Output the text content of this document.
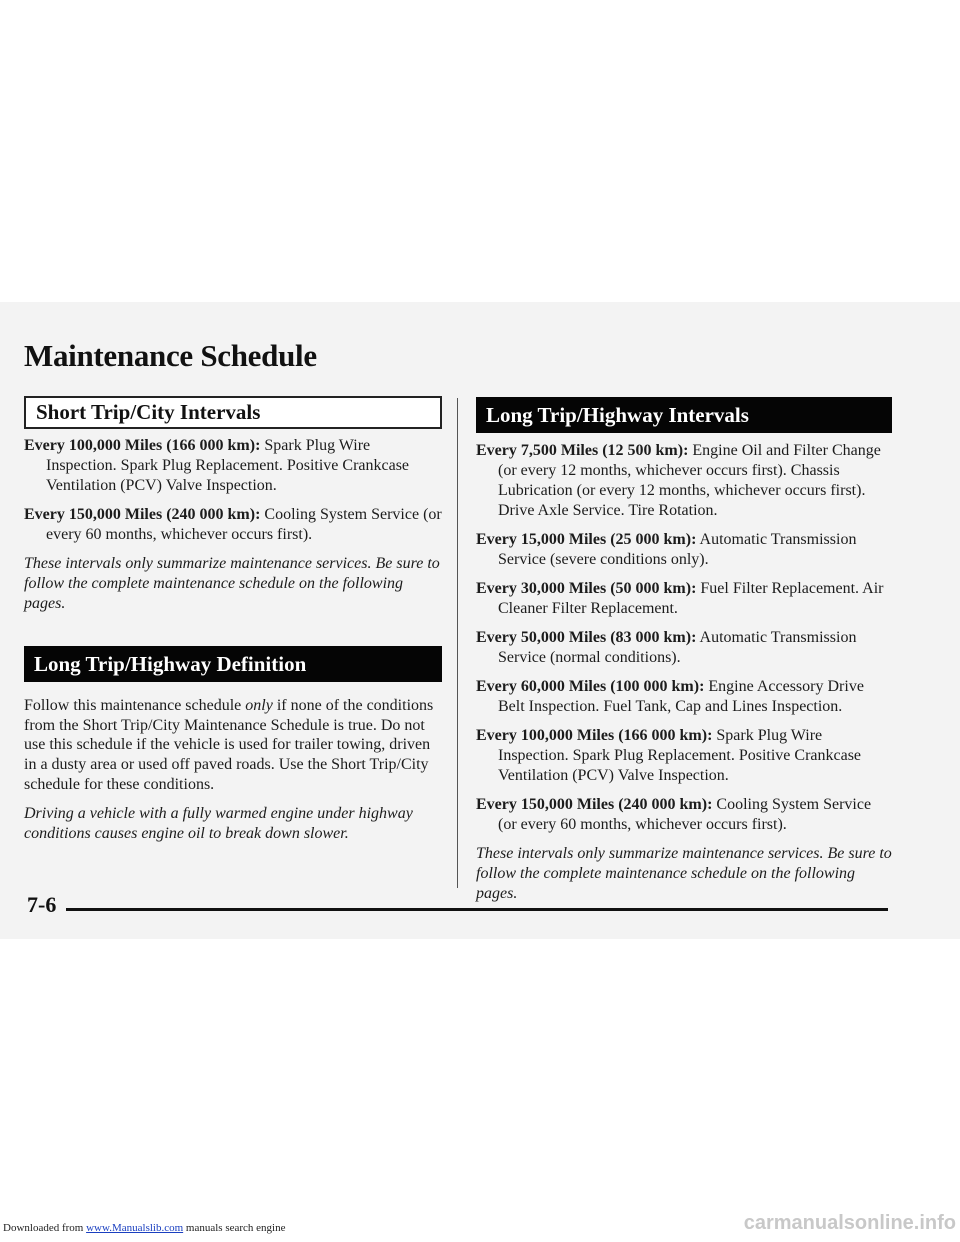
Maintenance Schedule
Short Trip/City Intervals

Every 100,000 Miles (166 000 km): Spark Plug Wire Inspection. Spark Plug Replacement. Positive Crankcase Ventilation (PCV) Valve Inspection.

Every 150,000 Miles (240 000 km): Cooling System Service (or every 60 months, whichever occurs first).

These intervals only summarize maintenance services. Be sure to follow the complete maintenance schedule on the following pages.

Long Trip/Highway Definition

Follow this maintenance schedule only if none of the conditions from the Short Trip/City Maintenance Schedule is true. Do not use this schedule if the vehicle is used for trailer towing, driven in a dusty area or used off paved roads. Use the Short Trip/City schedule for these conditions.

Driving a vehicle with a fully warmed engine under highway conditions causes engine oil to break down slower.

Long Trip/Highway Intervals

Every 7,500 Miles (12 500 km): Engine Oil and Filter Change (or every 12 months, whichever occurs first). Chassis Lubrication (or every 12 months, whichever occurs first). Drive Axle Service. Tire Rotation.

Every 15,000 Miles (25 000 km): Automatic Transmission Service (severe conditions only).

Every 30,000 Miles (50 000 km): Fuel Filter Replacement. Air Cleaner Filter Replacement.

Every 50,000 Miles (83 000 km): Automatic Transmission Service (normal conditions).

Every 60,000 Miles (100 000 km): Engine Accessory Drive Belt Inspection. Fuel Tank, Cap and Lines Inspection.

Every 100,000 Miles (166 000 km): Spark Plug Wire Inspection. Spark Plug Replacement. Positive Crankcase Ventilation (PCV) Valve Inspection.

Every 150,000 Miles (240 000 km): Cooling System Service (or every 60 months, whichever occurs first).

These intervals only summarize maintenance services. Be sure to follow the complete maintenance schedule on the following pages.

7-6
Downloaded from www.Manualslib.com manuals search engine	carmanualsonline.info
